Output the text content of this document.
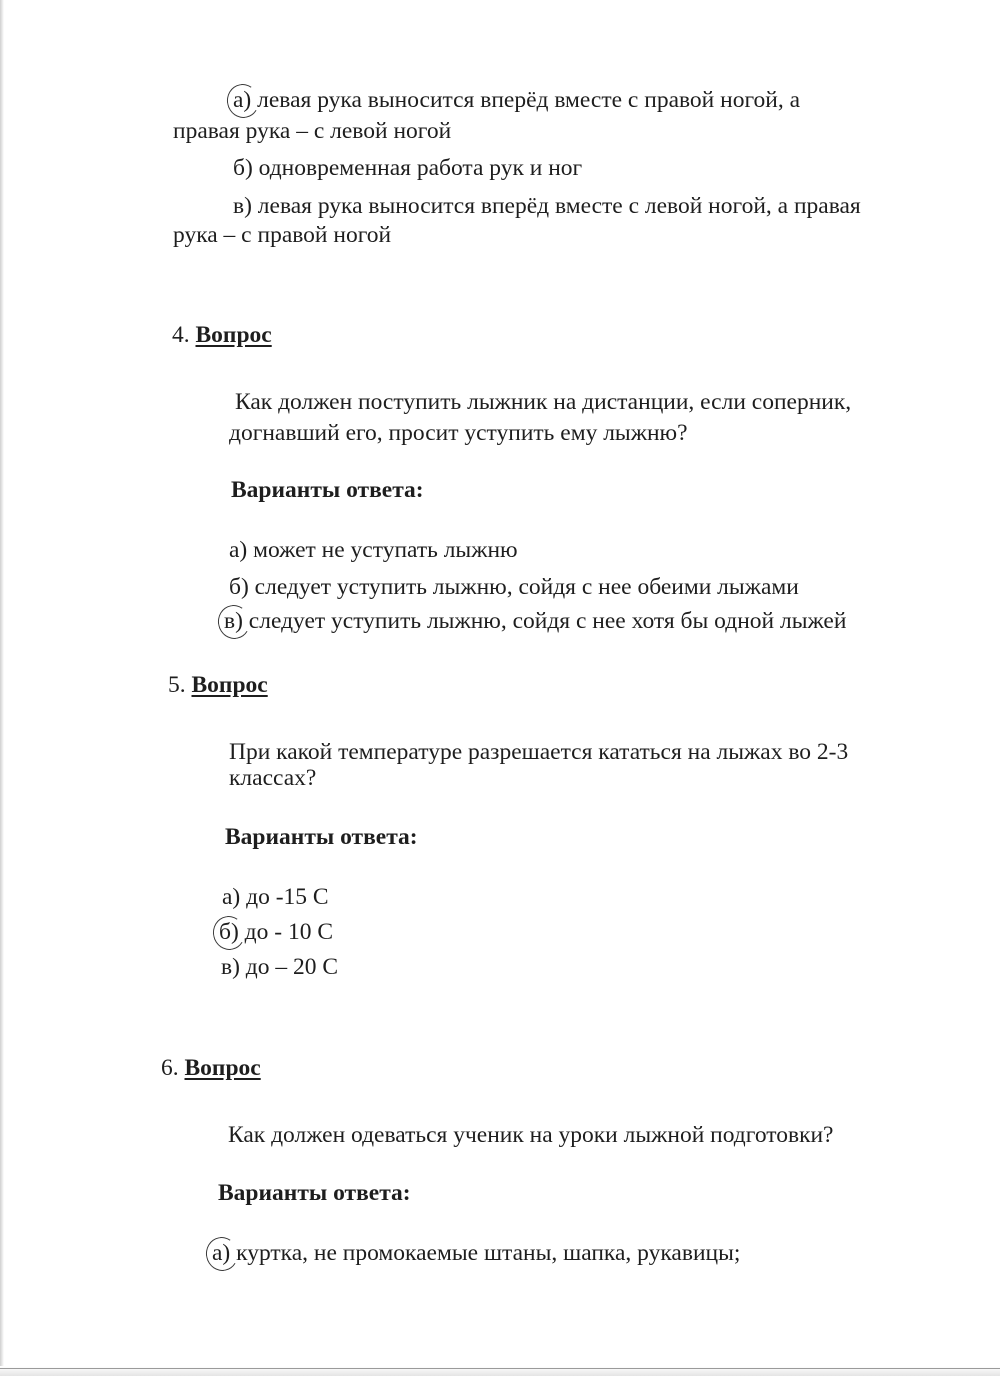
а) левая рука выносится вперёд вместе с правой ногой, а
правая рука – с левой ногой
б) одновременная работа рук и ног
в) левая рука выносится вперёд вместе с левой ногой, а правая
рука – с правой ногой
4. Вопрос
Как должен поступить лыжник на дистанции, если соперник,
догнавший его, просит уступить ему лыжню?
Варианты ответа:
а) может не уступать лыжню
б) следует уступить лыжню, сойдя с нее обеими лыжами
в) следует уступить лыжню, сойдя с нее хотя бы одной лыжей
5. Вопрос
При какой температуре разрешается кататься на лыжах во 2-3
классах?
Варианты ответа:
а) до -15 С
б) до - 10 С
в) до – 20 С
6. Вопрос
Как должен одеваться ученик на уроки лыжной подготовки?
Варианты ответа:
а) куртка, не промокаемые штаны, шапка, рукавицы;
